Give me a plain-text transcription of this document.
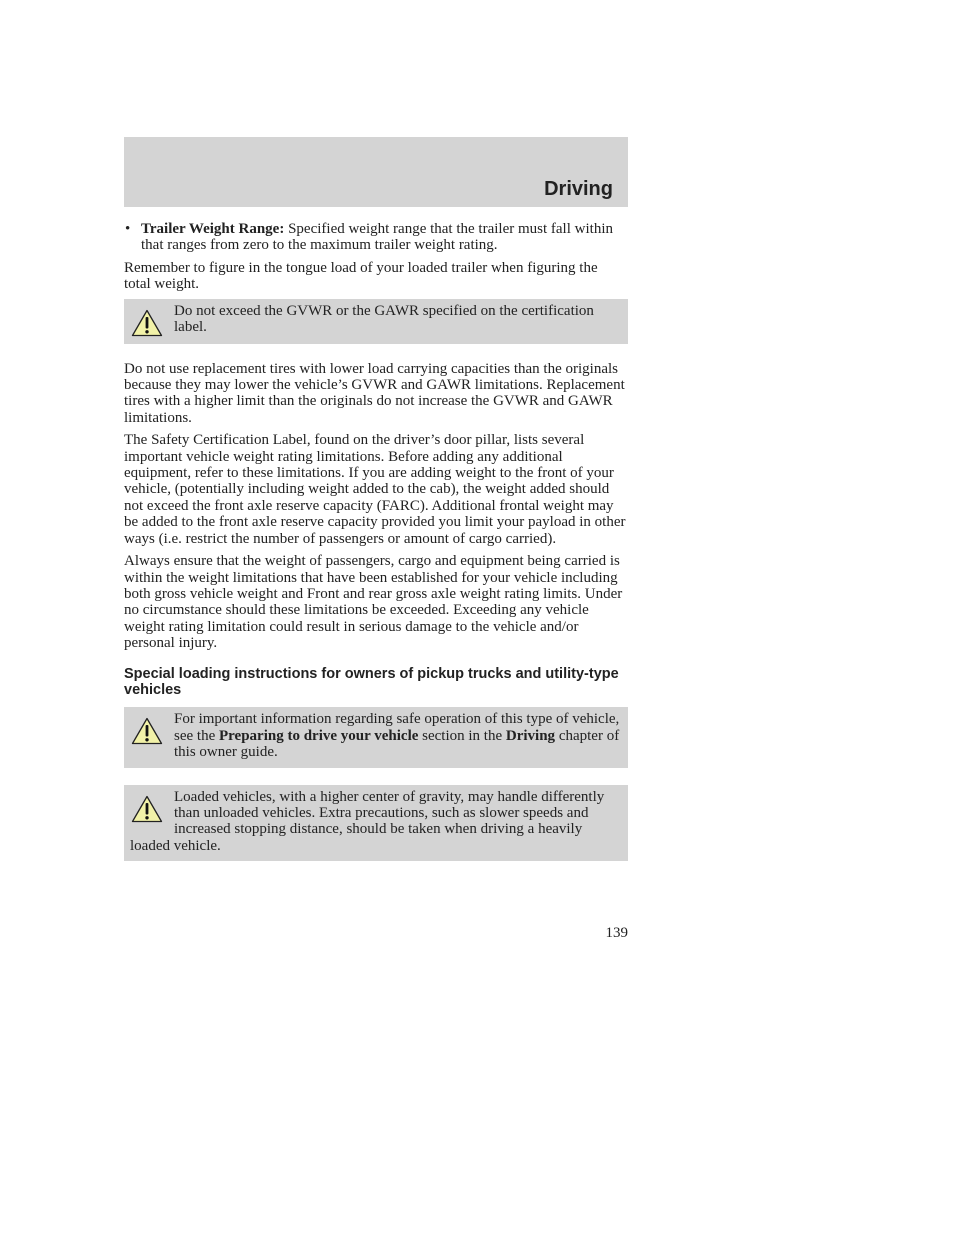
Driving
• Trailer Weight Range: Specified weight range that the trailer must fall within that ranges from zero to the maximum trailer weight rating.

Remember to figure in the tongue load of your loaded trailer when figuring the total weight.

Do not exceed the GVWR or the GAWR specified on the certification label.

Do not use replacement tires with lower load carrying capacities than the originals because they may lower the vehicle’s GVWR and GAWR limitations. Replacement tires with a higher limit than the originals do not increase the GVWR and GAWR limitations.

The Safety Certification Label, found on the driver’s door pillar, lists several important vehicle weight rating limitations. Before adding any additional equipment, refer to these limitations. If you are adding weight to the front of your vehicle, (potentially including weight added to the cab), the weight added should not exceed the front axle reserve capacity (FARC). Additional frontal weight may be added to the front axle reserve capacity provided you limit your payload in other ways (i.e. restrict the number of passengers or amount of cargo carried).

Always ensure that the weight of passengers, cargo and equipment being carried is within the weight limitations that have been established for your vehicle including both gross vehicle weight and Front and rear gross axle weight rating limits. Under no circumstance should these limitations be exceeded. Exceeding any vehicle weight rating limitation could result in serious damage to the vehicle and/or personal injury.

Special loading instructions for owners of pickup trucks and utility-type vehicles
For important information regarding safe operation of this type of vehicle, see the Preparing to drive your vehicle section in the Driving chapter of this owner guide.
Loaded vehicles, with a higher center of gravity, may handle differently than unloaded vehicles. Extra precautions, such as slower speeds and increased stopping distance, should be taken when driving a heavily loaded vehicle.
139
